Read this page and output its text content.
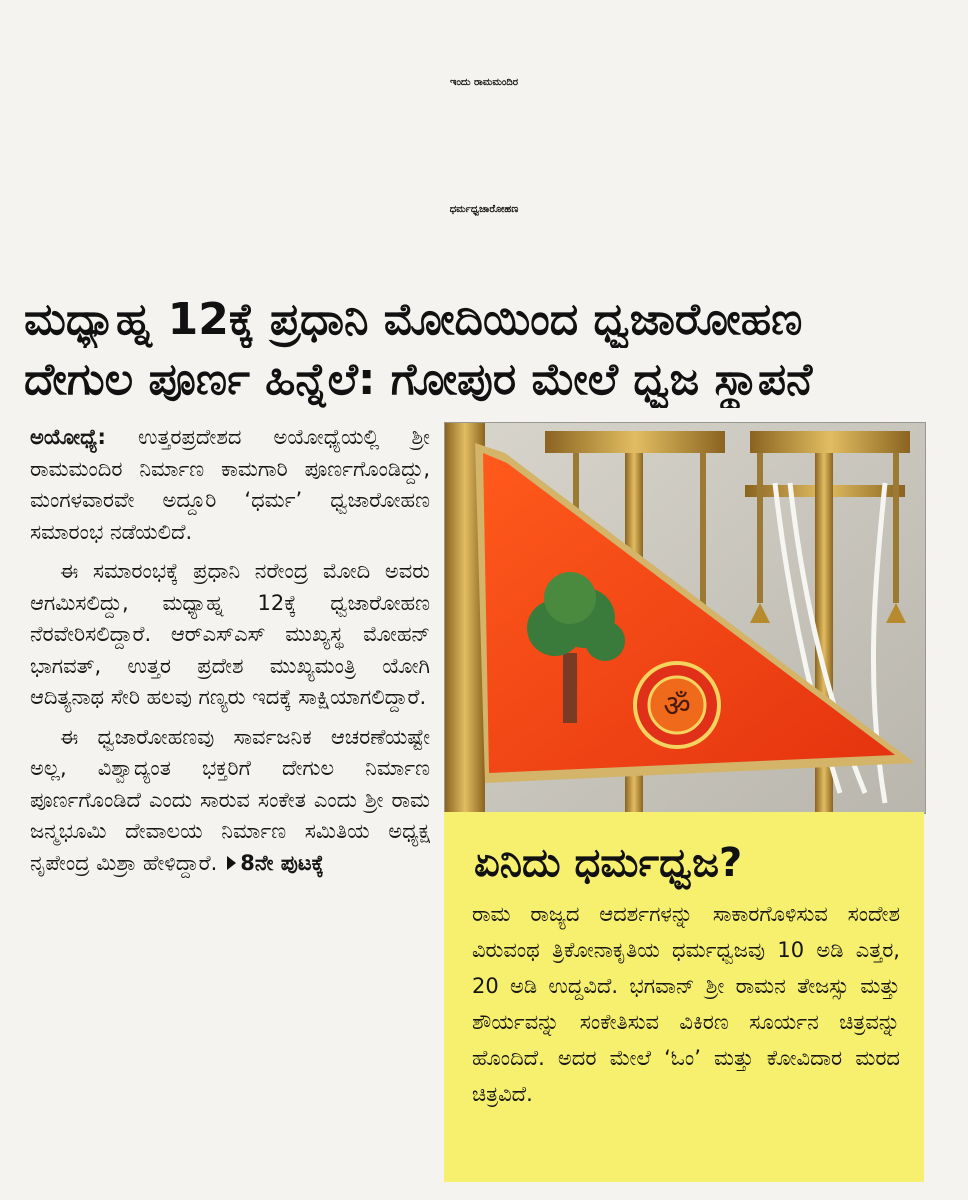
ಇಂದು ರಾಮಮಂದಿರ
ಧರ್ಮಧ್ವಜಾರೋಹಣ
ಮಧ್ಯಾಹ್ನ 12ಕ್ಕೆ ಪ್ರಧಾನಿ ಮೋದಿಯಿಂದ ಧ್ವಜಾರೋಹಣ
ದೇಗುಲ ಪೂರ್ಣ ಹಿನ್ನೆಲೆ: ಗೋಪುರ ಮೇಲೆ ಧ್ವಜ ಸ್ಥಾಪನೆ

ಅಯೋಧ್ಯೆ: ಉತ್ತರಪ್ರದೇಶದ ಅಯೋಧ್ಯೆಯಲ್ಲಿ ಶ್ರೀ ರಾಮಮಂದಿರ ನಿರ್ಮಾಣ ಕಾಮಗಾರಿ ಪೂರ್ಣಗೊಂಡಿದ್ದು, ಮಂಗಳವಾರವೇ ಅದ್ದೂರಿ ‘ಧರ್ಮ’ ಧ್ವಜಾರೋಹಣ ಸಮಾರಂಭ ನಡೆಯಲಿದೆ.

ಈ ಸಮಾರಂಭಕ್ಕೆ ಪ್ರಧಾನಿ ನರೇಂದ್ರ ಮೋದಿ ಅವರು ಆಗಮಿಸಲಿದ್ದು, ಮಧ್ಯಾಹ್ನ 12ಕ್ಕೆ ಧ್ವಜಾರೋಹಣ ನೆರವೇರಿಸಲಿದ್ದಾರೆ. ಆರ್‌ಎಸ್‌ಎಸ್ ಮುಖ್ಯಸ್ಥ ಮೋಹನ್ ಭಾಗವತ್, ಉತ್ತರ ಪ್ರದೇಶ ಮುಖ್ಯಮಂತ್ರಿ ಯೋಗಿ ಆದಿತ್ಯನಾಥ ಸೇರಿ ಹಲವು ಗಣ್ಯರು ಇದಕ್ಕೆ ಸಾಕ್ಷಿಯಾಗಲಿದ್ದಾರೆ.

ಈ ಧ್ವಜಾರೋಹಣವು ಸಾರ್ವಜನಿಕ ಆಚರಣೆಯಷ್ಟೇ ಅಲ್ಲ, ವಿಶ್ವಾದ್ಯಂತ ಭಕ್ತರಿಗೆ ದೇಗುಲ ನಿರ್ಮಾಣ ಪೂರ್ಣಗೊಂಡಿದೆ ಎಂದು ಸಾರುವ ಸಂಕೇತ ಎಂದು ಶ್ರೀ ರಾಮ ಜನ್ಮಭೂಮಿ ದೇವಾಲಯ ನಿರ್ಮಾಣ ಸಮಿತಿಯ ಅಧ್ಯಕ್ಷ ನೃಪೇಂದ್ರ ಮಿಶ್ರಾ ಹೇಳಿದ್ದಾರೆ. 8ನೇ ಪುಟಕ್ಕೆ

ॐ
ಏನಿದು ಧರ್ಮಧ್ವಜ?
ರಾಮ ರಾಜ್ಯದ ಆದರ್ಶಗಳನ್ನು ಸಾಕಾರಗೊಳಿಸುವ ಸಂದೇಶ ವಿರುವಂಥ ತ್ರಿಕೋನಾಕೃತಿಯ ಧರ್ಮಧ್ವಜವು 10 ಅಡಿ ಎತ್ತರ, 20 ಅಡಿ ಉದ್ದವಿದೆ. ಭಗವಾನ್ ಶ್ರೀ ರಾಮನ ತೇಜಸ್ಸು ಮತ್ತು ಶೌರ್ಯವನ್ನು ಸಂಕೇತಿಸುವ ವಿಕಿರಣ ಸೂರ್ಯನ ಚಿತ್ರವನ್ನು ಹೊಂದಿದೆ. ಅದರ ಮೇಲೆ ‘ಓಂ’ ಮತ್ತು ಕೋವಿದಾರ ಮರದ ಚಿತ್ರವಿದೆ.
